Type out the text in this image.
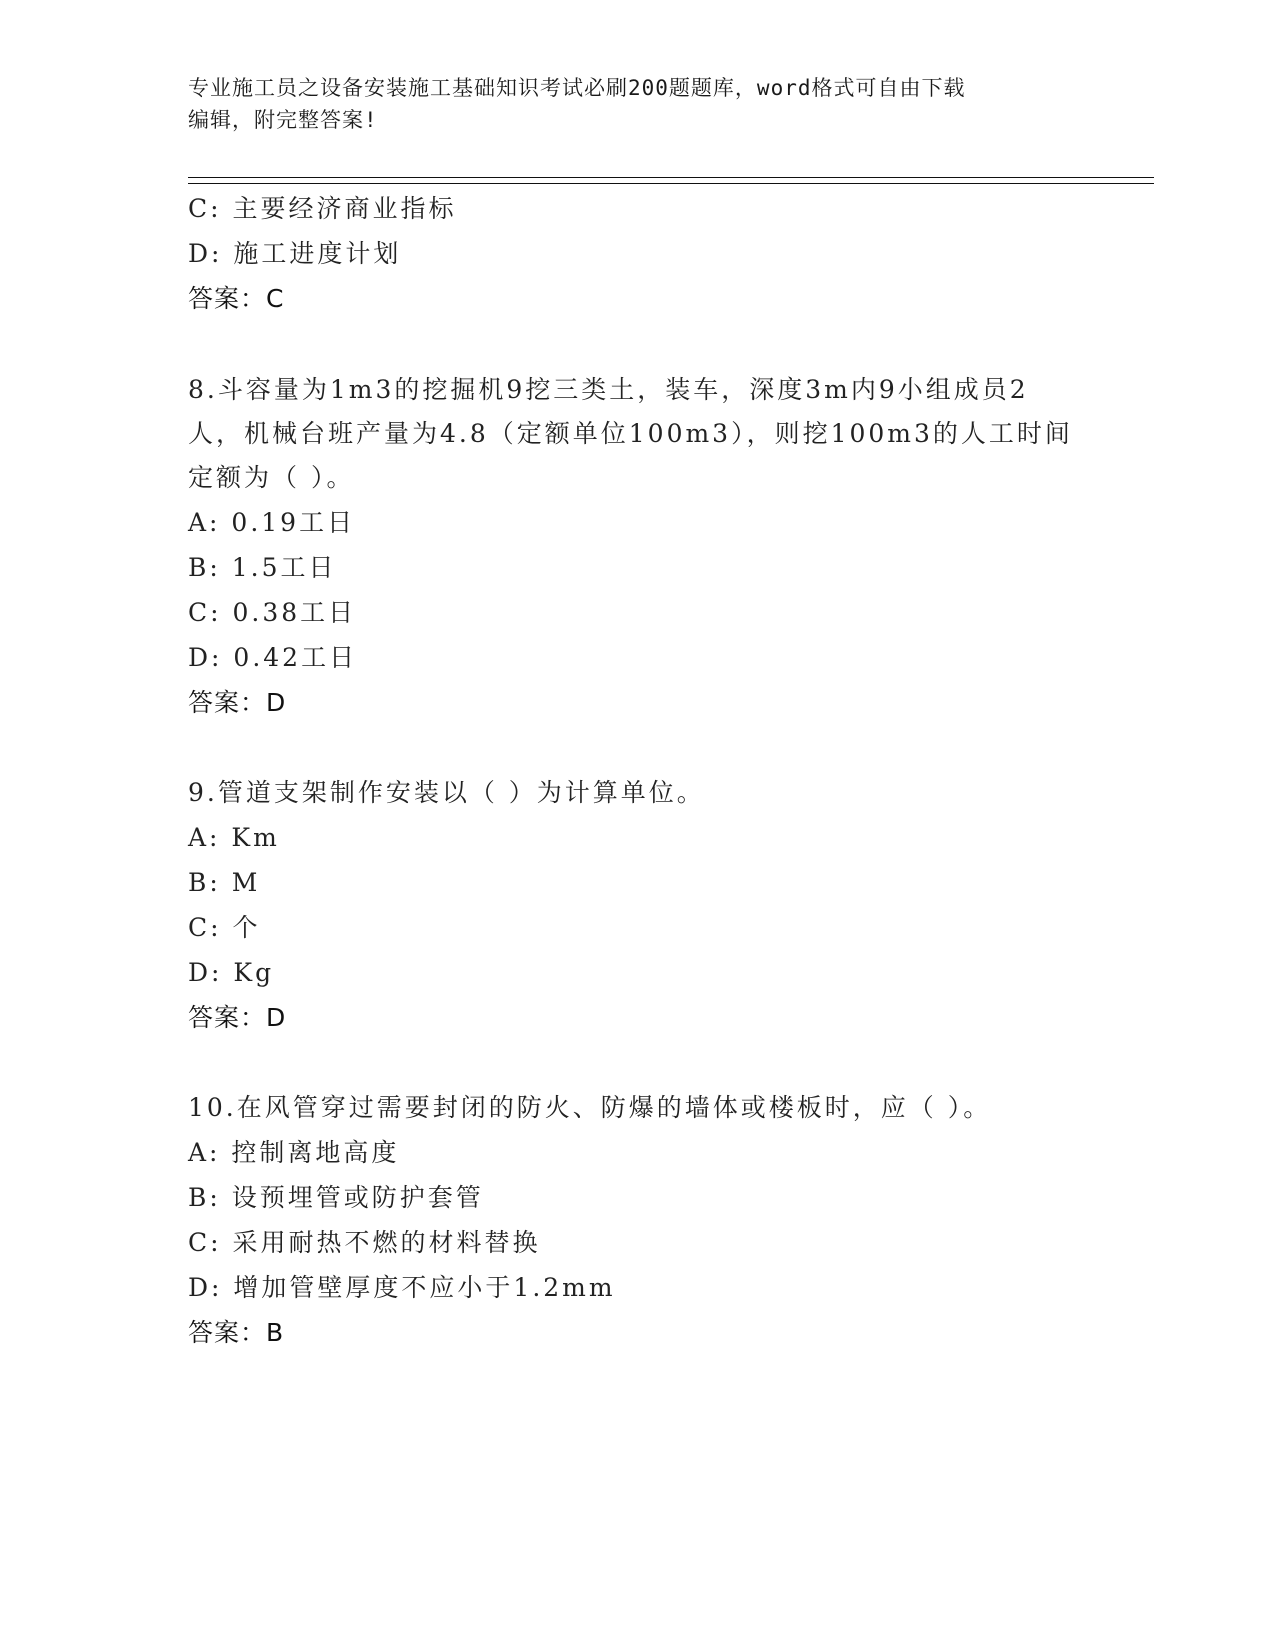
专业施工员之设备安装施工基础知识考试必刷200题题库，word格式可自由下载
编辑，附完整答案!
C: 主要经济商业指标
D: 施工进度计划
答案：C
8.斗容量为1m3的挖掘机9挖三类土，装车，深度3m内9小组成员2
人，机械台班产量为4.8（定额单位100m3），则挖100m3的人工时间
定额为（ ）。
A: 0.19工日
B: 1.5工日
C: 0.38工日
D: 0.42工日
答案：D
9.管道支架制作安装以（ ）为计算单位。
A: Km
B: M
C: 个
D: Kg
答案：D
10.在风管穿过需要封闭的防火、防爆的墙体或楼板时，应（ ）。
A: 控制离地高度
B: 设预埋管或防护套管
C: 采用耐热不燃的材料替换
D: 增加管壁厚度不应小于1.2mm
答案：B
